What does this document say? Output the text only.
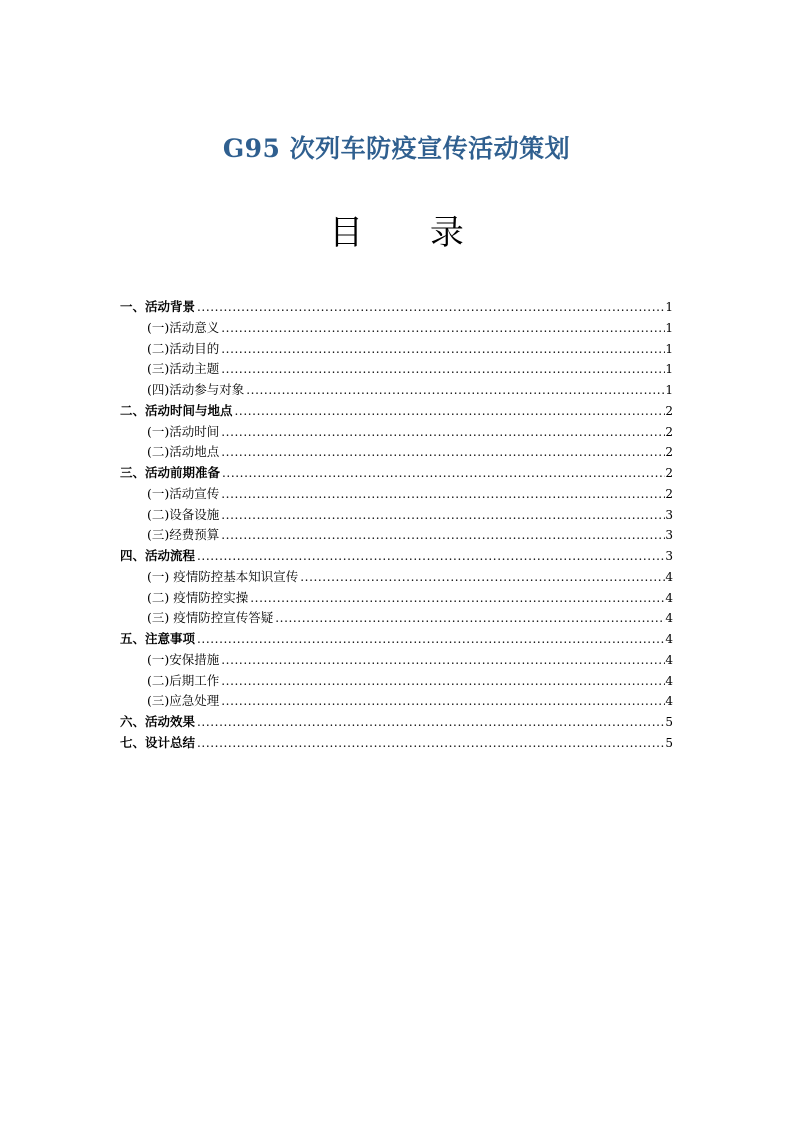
G95 次列车防疫宣传活动策划
目 录
一、活动背景 .....	1
(一)活动意义 .....	1
(二)活动目的 .....	1
(三)活动主题 .....	1
(四)活动参与对象 .....	1
二、活动时间与地点 .....	2
(一)活动时间 .....	2
(二)活动地点 .....	2
三、活动前期准备 .....	2
(一)活动宣传 .....	2
(二)设备设施 .....	3
(三)经费预算 .....	3
四、活动流程 .....	3
(一) 疫情防控基本知识宣传 .....	4
(二) 疫情防控实操 .....	4
(三) 疫情防控宣传答疑 .....	4
五、注意事项 .....	4
(一)安保措施 .....	4
(二)后期工作 .....	4
(三)应急处理 .....	4
六、活动效果 .....	5
七、设计总结 .....	5
